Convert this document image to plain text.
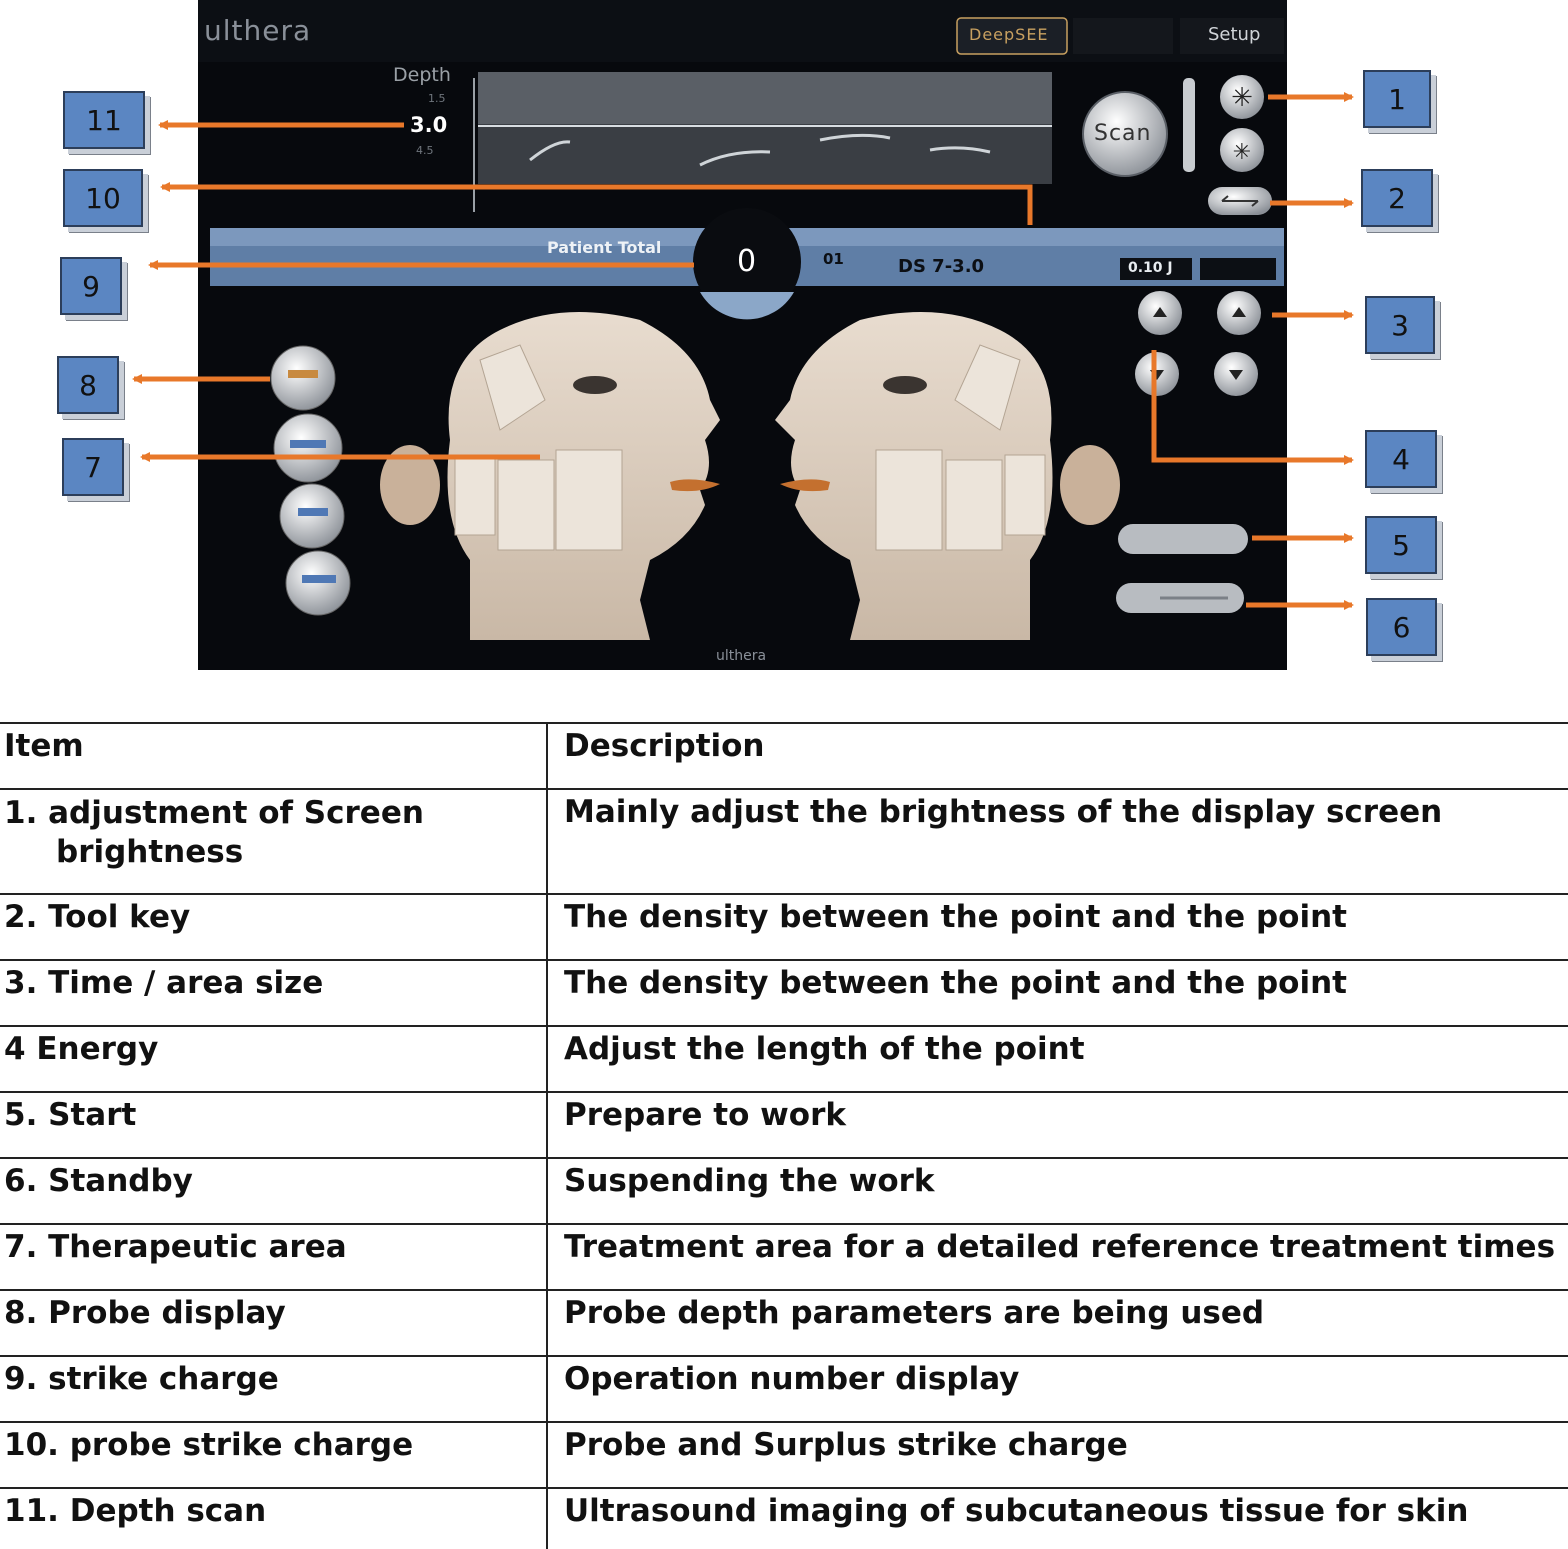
✳
✳
ulthera	DeepSEE	Setup
Depth
1.5
3.0
4.5
Scan
Patient Total	0	01	DS 7-3.0	0.10 J
ulthera
1
2
3
4
5
6
7
8
9
10
11
Item	Description

1. adjustment of Screen brightness	Mainly adjust the brightness of the display screen
2. Tool key	The density between the point and the point
3. Time / area size	The density between the point and the point
4 Energy	Adjust the length of the point
5. Start	Prepare to work
6. Standby	Suspending the work
7. Therapeutic area	Treatment area for a detailed reference treatment times
8. Probe display	Probe depth parameters are being used
9. strike charge	Operation number display
10. probe strike charge	Probe and Surplus strike charge
11. Depth scan	Ultrasound imaging of subcutaneous tissue for skin
